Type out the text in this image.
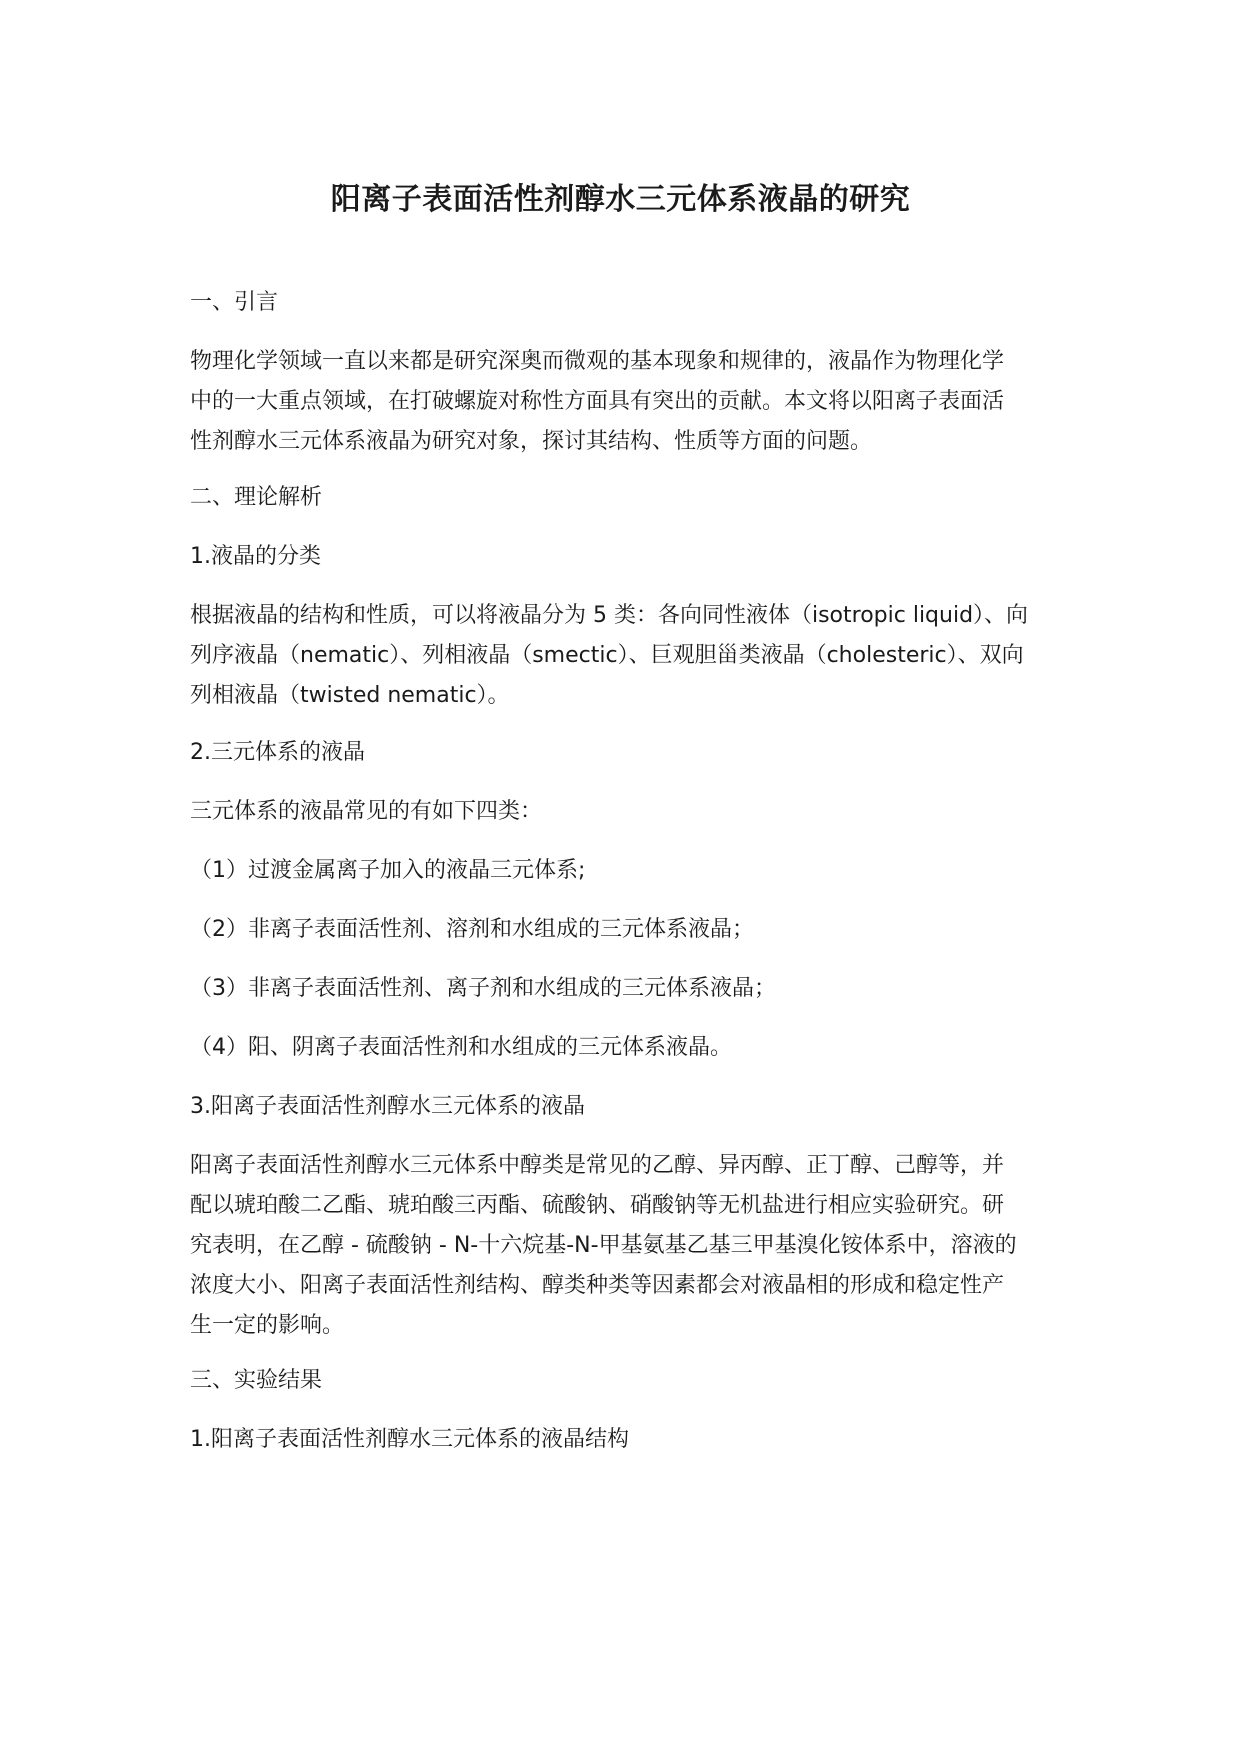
阳离子表面活性剂醇水三元体系液晶的研究

一、引言

物理化学领域一直以来都是研究深奥而微观的基本现象和规律的，液晶作为物理化学
中的一大重点领域，在打破螺旋对称性方面具有突出的贡献。本文将以阳离子表面活
性剂醇水三元体系液晶为研究对象，探讨其结构、性质等方面的问题。

二、理论解析

1.液晶的分类

根据液晶的结构和性质，可以将液晶分为 5 类：各向同性液体（isotropic liquid）、向
列序液晶（nematic）、列相液晶（smectic）、巨观胆甾类液晶（cholesteric）、双向
列相液晶（twisted nematic）。

2.三元体系的液晶

三元体系的液晶常见的有如下四类：

（1）过渡金属离子加入的液晶三元体系;

（2）非离子表面活性剂、溶剂和水组成的三元体系液晶；

（3）非离子表面活性剂、离子剂和水组成的三元体系液晶；

（4）阳、阴离子表面活性剂和水组成的三元体系液晶。

3.阳离子表面活性剂醇水三元体系的液晶

阳离子表面活性剂醇水三元体系中醇类是常见的乙醇、异丙醇、正丁醇、己醇等，并
配以琥珀酸二乙酯、琥珀酸三丙酯、硫酸钠、硝酸钠等无机盐进行相应实验研究。研
究表明，在乙醇 - 硫酸钠 - N-十六烷基-N-甲基氨基乙基三甲基溴化铵体系中，溶液的
浓度大小、阳离子表面活性剂结构、醇类种类等因素都会对液晶相的形成和稳定性产
生一定的影响。

三、实验结果

1.阳离子表面活性剂醇水三元体系的液晶结构
